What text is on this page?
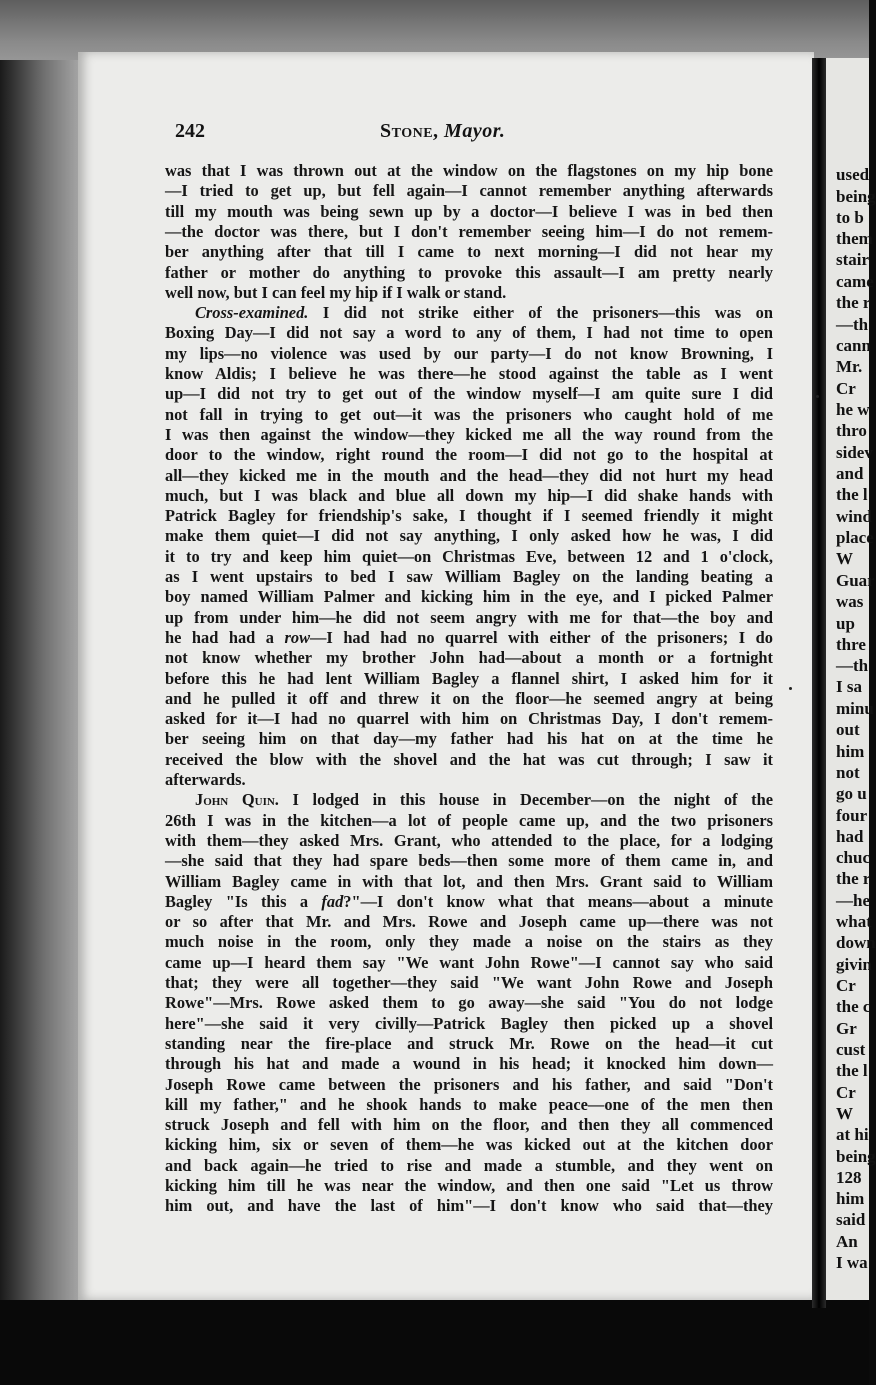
used
being
to b
them
stair
came
the r
—th
cann
Mr.
Cr
he w
thro
sidev
and
the l
wind
place
W
Guar
was
up
thre
—th
I sa
minu
out
him
not
go u
four
had
chuc
the r
—he
what
down
givin
Cr
the c
Gr
cust
the l
Cr
W
at hi
being
128
him
said
An
I wa
242	Stone, Mayor.
was that I was thrown out at the window on the flagstones on my hip bone
—I tried to get up, but fell again—I cannot remember anything afterwards
till my mouth was being sewn up by a doctor—I believe I was in bed then
—the doctor was there, but I don't remember seeing him—I do not remem-
ber anything after that till I came to next morning—I did not hear my
father or mother do anything to provoke this assault—I am pretty nearly
well now, but I can feel my hip if I walk or stand.
Cross-examined. I did not strike either of the prisoners—this was on
Boxing Day—I did not say a word to any of them, I had not time to open
my lips—no violence was used by our party—I do not know Browning, I
know Aldis; I believe he was there—he stood against the table as I went
up—I did not try to get out of the window myself—I am quite sure I did
not fall in trying to get out—it was the prisoners who caught hold of me
I was then against the window—they kicked me all the way round from the
door to the window, right round the room—I did not go to the hospital at
all—they kicked me in the mouth and the head—they did not hurt my head
much, but I was black and blue all down my hip—I did shake hands with
Patrick Bagley for friendship's sake, I thought if I seemed friendly it might
make them quiet—I did not say anything, I only asked how he was, I did
it to try and keep him quiet—on Christmas Eve, between 12 and 1 o'clock,
as I went upstairs to bed I saw William Bagley on the landing beating a
boy named William Palmer and kicking him in the eye, and I picked Palmer
up from under him—he did not seem angry with me for that—the boy and
he had had a row—I had had no quarrel with either of the prisoners; I do
not know whether my brother John had—about a month or a fortnight
before this he had lent William Bagley a flannel shirt, I asked him for it
and he pulled it off and threw it on the floor—he seemed angry at being
asked for it—I had no quarrel with him on Christmas Day, I don't remem-
ber seeing him on that day—my father had his hat on at the time he
received the blow with the shovel and the hat was cut through; I saw it
afterwards.
John Quin. I lodged in this house in December—on the night of the
26th I was in the kitchen—a lot of people came up, and the two prisoners
with them—they asked Mrs. Grant, who attended to the place, for a lodging
—she said that they had spare beds—then some more of them came in, and
William Bagley came in with that lot, and then Mrs. Grant said to William
Bagley "Is this a fad?"—I don't know what that means—about a minute
or so after that Mr. and Mrs. Rowe and Joseph came up—there was not
much noise in the room, only they made a noise on the stairs as they
came up—I heard them say "We want John Rowe"—I cannot say who said
that; they were all together—they said "We want John Rowe and Joseph
Rowe"—Mrs. Rowe asked them to go away—she said "You do not lodge
here"—she said it very civilly—Patrick Bagley then picked up a shovel
standing near the fire-place and struck Mr. Rowe on the head—it cut
through his hat and made a wound in his head; it knocked him down—
Joseph Rowe came between the prisoners and his father, and said "Don't
kill my father," and he shook hands to make peace—one of the men then
struck Joseph and fell with him on the floor, and then they all commenced
kicking him, six or seven of them—he was kicked out at the kitchen door
and back again—he tried to rise and made a stumble, and they went on
kicking him till he was near the window, and then one said "Let us throw
him out, and have the last of him"—I don't know who said that—they
